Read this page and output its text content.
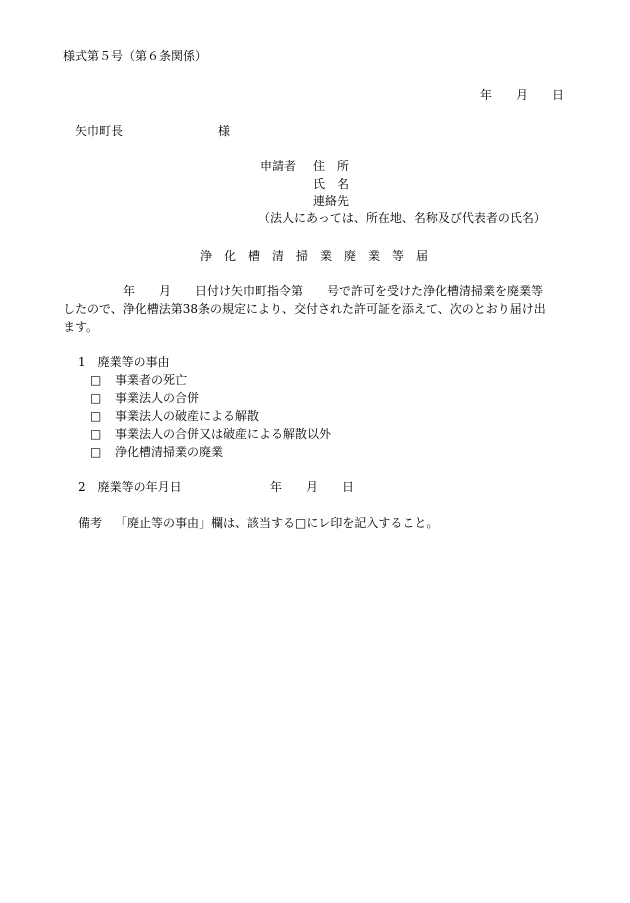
様式第５号（第６条関係）
年　　月　　日
矢巾町長	様
申請者 住　所
氏　名
連絡先
（法人にあっては、所在地、名称及び代表者の氏名）
浄　化　槽　清　掃　業　廃　業　等　届
　　　　　年　　月　　日付け矢巾町指令第　　号で許可を受けた浄化槽清掃業を廃業等
したので、浄化槽法第38条の規定により、交付された許可証を添えて、次のとおり届け出
ます。
1　廃業等の事由
□ 事業者の死亡
□ 事業法人の合併
□ 事業法人の破産による解散
□ 事業法人の合併又は破産による解散以外
□ 浄化槽清掃業の廃業
2　廃業等の年月日	年　　月　　日
備考 「廃止等の事由」欄は、該当する□にレ印を記入すること。
